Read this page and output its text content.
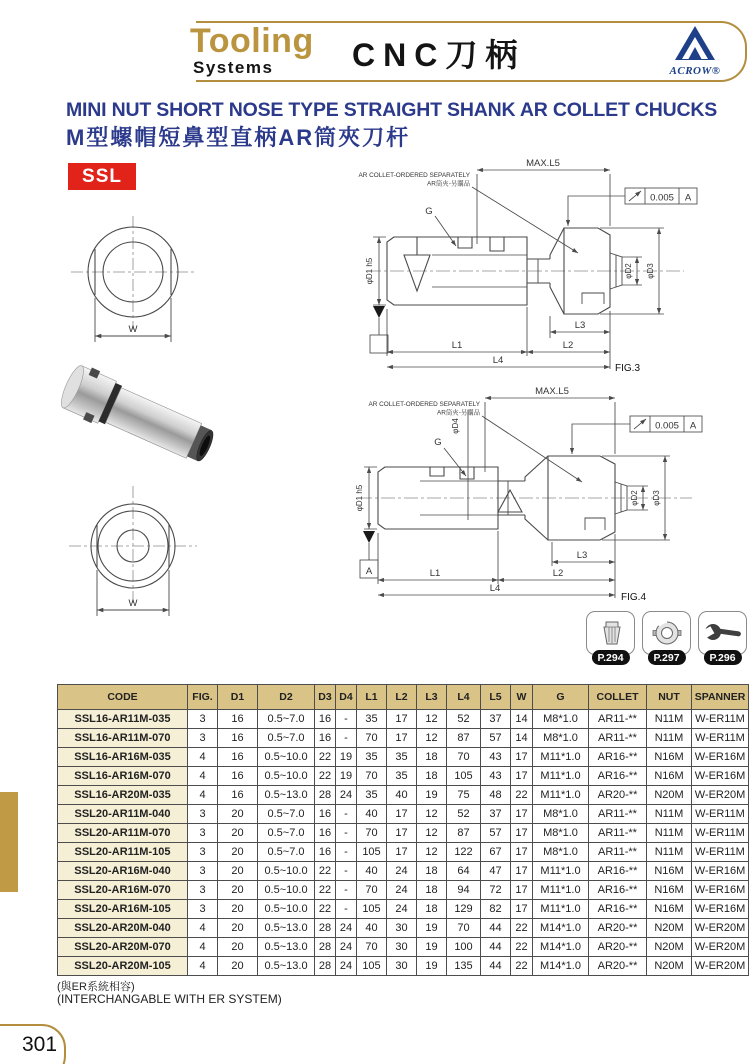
Tooling
Systems	CNC刀柄	ACROW®
MINI NUT SHORT NOSE TYPE STRAIGHT SHANK AR COLLET CHUCKS
M型螺帽短鼻型直柄AR筒夾刀杆
SSL
W
W
MAX.L5
0.005 A
AR COLLET-ORDERED SEPARATELY
AR筒夾-另購品
G
φD1 h5	φD2 φD3
L3
L1	L2
L4
FIG.3
MAX.L5
0.005 A
AR COLLET-ORDERED SEPARATELY
AR筒夾-另購品
G
φD4
φD1 h5	φD2 φD3
A
L3
L1	L2
L4
FIG.4
P.294	P.297	P.296
CODE	FIG.	D1	D2	D3	D4	L1	L2	L3	L4	L5	W	G	COLLET	NUT	SPANNER
SSL16-AR11M-035	3	16	0.5~7.0	16	-	35	17	12	52	37	14	M8*1.0	AR11-**	N11M	W-ER11M
SSL16-AR11M-070	3	16	0.5~7.0	16	-	70	17	12	87	57	14	M8*1.0	AR11-**	N11M	W-ER11M
SSL16-AR16M-035	4	16	0.5~10.0	22	19	35	35	18	70	43	17	M11*1.0	AR16-**	N16M	W-ER16M
SSL16-AR16M-070	4	16	0.5~10.0	22	19	70	35	18	105	43	17	M11*1.0	AR16-**	N16M	W-ER16M
SSL16-AR20M-035	4	16	0.5~13.0	28	24	35	40	19	75	48	22	M11*1.0	AR20-**	N20M	W-ER20M
SSL20-AR11M-040	3	20	0.5~7.0	16	-	40	17	12	52	37	17	M8*1.0	AR11-**	N11M	W-ER11M
SSL20-AR11M-070	3	20	0.5~7.0	16	-	70	17	12	87	57	17	M8*1.0	AR11-**	N11M	W-ER11M
SSL20-AR11M-105	3	20	0.5~7.0	16	-	105	17	12	122	67	17	M8*1.0	AR11-**	N11M	W-ER11M
SSL20-AR16M-040	3	20	0.5~10.0	22	-	40	24	18	64	47	17	M11*1.0	AR16-**	N16M	W-ER16M
SSL20-AR16M-070	3	20	0.5~10.0	22	-	70	24	18	94	72	17	M11*1.0	AR16-**	N16M	W-ER16M
SSL20-AR16M-105	3	20	0.5~10.0	22	-	105	24	18	129	82	17	M11*1.0	AR16-**	N16M	W-ER16M
SSL20-AR20M-040	4	20	0.5~13.0	28	24	40	30	19	70	44	22	M14*1.0	AR20-**	N20M	W-ER20M
SSL20-AR20M-070	4	20	0.5~13.0	28	24	70	30	19	100	44	22	M14*1.0	AR20-**	N20M	W-ER20M
SSL20-AR20M-105	4	20	0.5~13.0	28	24	105	30	19	135	44	22	M14*1.0	AR20-**	N20M	W-ER20M
(與ER系統相容)
(INTERCHANGABLE WITH ER SYSTEM)
301
